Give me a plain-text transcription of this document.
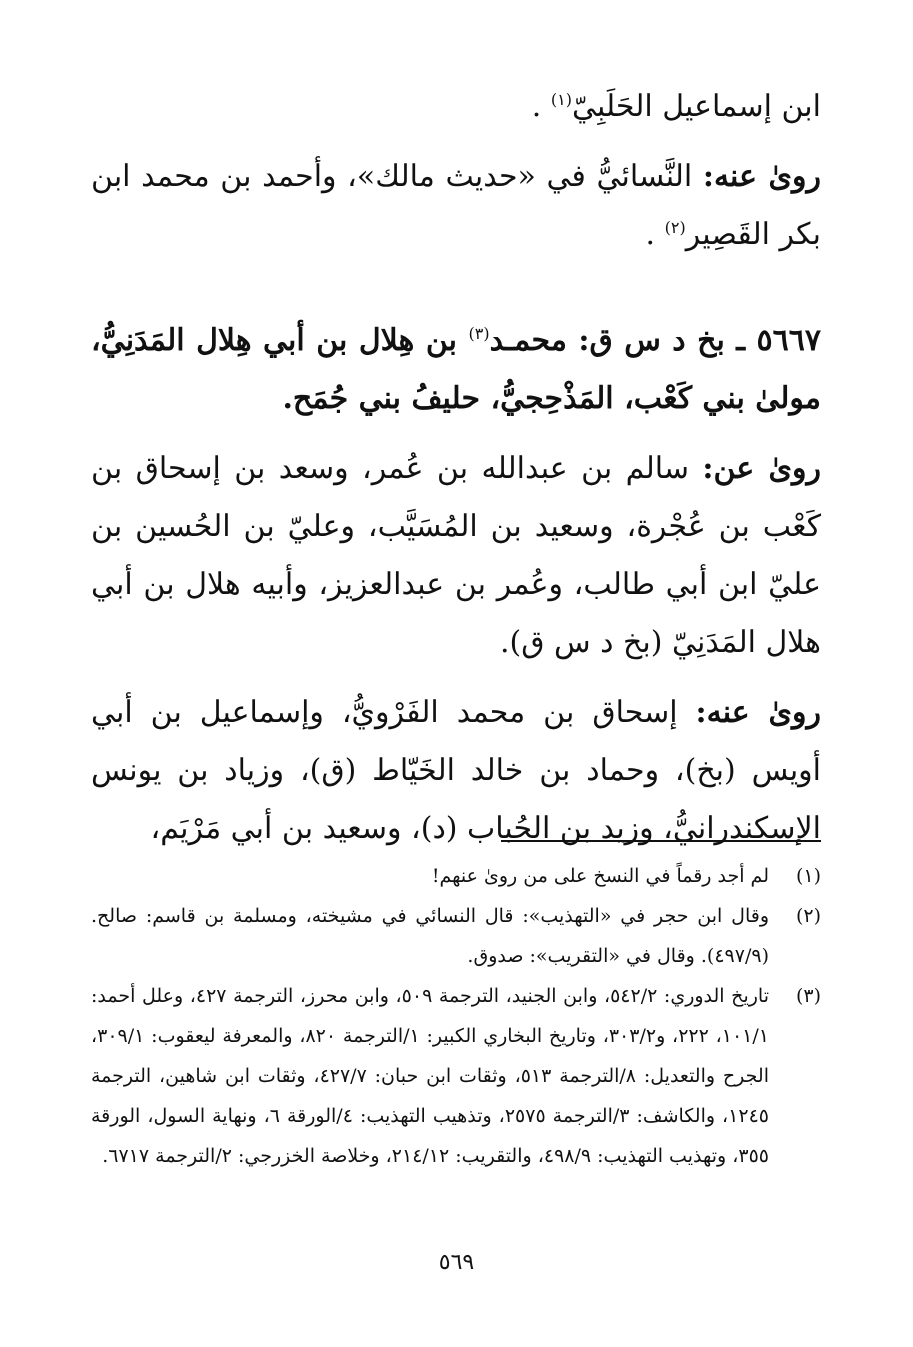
ابن إسماعيل الحَلَبِيّ$^{(١)}$ .

روىٰ عنه: النَّسائيُّ في «حديث مالك»، وأحمد بن محمد ابن بكر القَصِير$^{(٢)}$ .

٥٦٦٧ ـ بخ د س ق: محمـد$^{(٣)}$ بن هِلال بن أبي هِلال المَدَنِيُّ، مولىٰ بني كَعْب، المَذْحِجيُّ، حليفُ بني جُمَح.

روىٰ عن: سالم بن عبدالله بن عُمر، وسعد بن إسحاق بن كَعْب بن عُجْرة، وسعيد بن المُسَيَّب، وعليّ بن الحُسين بن عليّ ابن أبي طالب، وعُمر بن عبدالعزيز، وأبيه هلال بن أبي هلال المَدَنِيّ (بخ د س ق).

روىٰ عنه: إسحاق بن محمد الفَرْويُّ، وإسماعيل بن أبي أويس (بخ)، وحماد بن خالد الخَيّاط (ق)، وزياد بن يونس الإسكندرانيُّ، وزيد بن الحُباب (د)، وسعيد بن أبي مَرْيَم،

(١)
لم أجد رقماً في النسخ على من روىٰ عنهم!
(٢)
وقال ابن حجر في «التهذيب»: قال النسائي في مشيخته، ومسلمة بن قاسم: صالح. (٤٩٧/٩). وقال في «التقريب»: صدوق.
(٣)
تاريخ الدوري: ٥٤٢/٢، وابن الجنيد، الترجمة ٥٠٩، وابن محرز، الترجمة ٤٢٧، وعلل أحمد: ١٠١/١، ٢٢٢، و٣٠٣/٢، وتاريخ البخاري الكبير: ١/الترجمة ٨٢٠، والمعرفة ليعقوب: ٣٠٩/١، الجرح والتعديل: ٨/الترجمة ٥١٣، وثقات ابن حبان: ٤٢٧/٧، وثقات ابن شاهين، الترجمة ١٢٤٥، والكاشف: ٣/الترجمة ٢٥٧٥، وتذهيب التهذيب: ٤/الورقة ٦، ونهاية السول، الورقة ٣٥٥، وتهذيب التهذيب: ٤٩٨/٩، والتقريب: ٢١٤/١٢، وخلاصة الخزرجي: ٢/الترجمة ٦٧١٧.
٥٦٩
